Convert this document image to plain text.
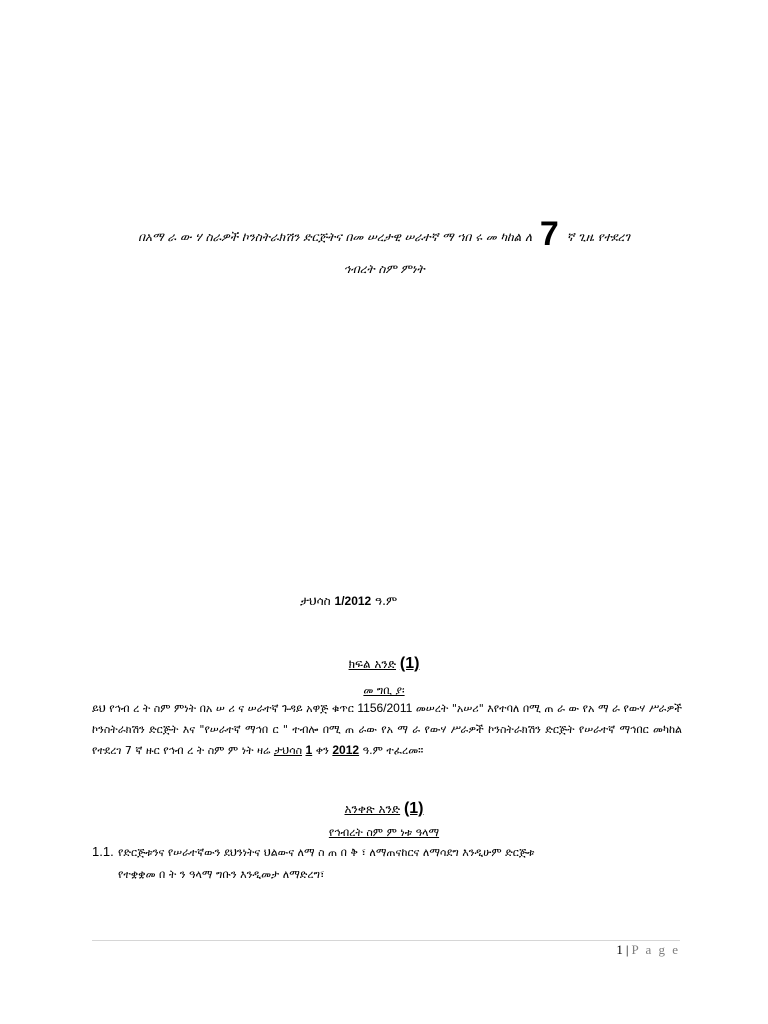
በአማ ራ ው ሃ ስራዎች ኮንስትራክሽን ድርጅትና በመ ሠረታዊ ሠራተኛ ማ ኀበ ሩ መ ካከል ለ 7 ኛ ጊዜ የተደረገ
ኅብረት ስም ምነት
ታህሳስ 1/2012 ዓ.ም
ክፍል አንድ (1)
መ ግቢ ያ፡
ይህ የኅብ ረ ት ስም ምነት በአ ሠ ሪ ና ሠራተኛ ጉዳይ አዋጅ ቁጥር 1156/2011 መሠረት "አሠሪ" እየተባለ በሚ ጠ ራ ው የአ ማ ራ የውሃ ሥራዎች ኮንስትራክሽን ድርጅት እና "የሠራተኛ ማኅበ ር " ተብሎ በሚ ጠ ራው የአ ማ ራ የውሃ ሥራዎች ኮንስትራክሽን ድርጅት የሠራተኛ ማኅበር መካከል የተደረገ 7 ኛ ዙር የኅብ ረ ት ስም ም ነት ዛሬ ታህሳስ 1 ቀን 2012 ዓ.ም ተፈረመ።
አንቀጽ አንድ (1)
የኅብረት ስም ም ነቱ ዓላማ
1.1. የድርጅቱንና የሠራተኛውን ደህንነትና ህልውና ለማ ስ ጠ በ ቅ ፣ ለማጠናከርና ለማሳደግ እንዲሁም ድርጅቱ
የተቋቋመ በ ት ን ዓላማ ግቡን እንዲመታ ለማድረግ፣
1 | P a g e
